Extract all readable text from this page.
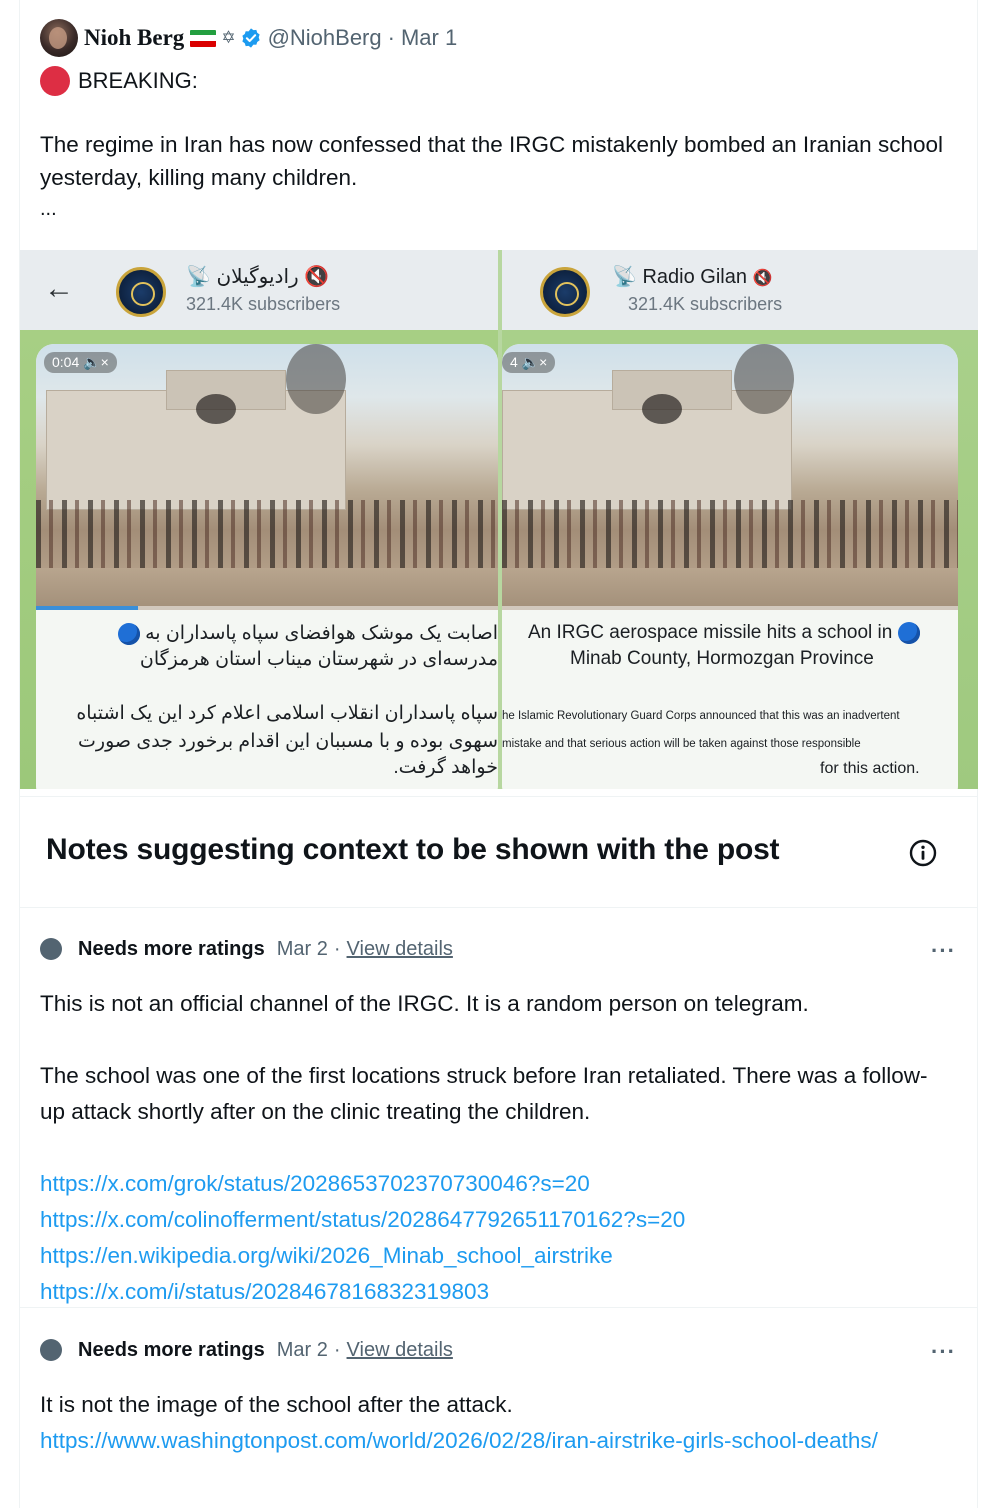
Nioh Berg ✡ @NiohBerg · Mar 1
BREAKING:
The regime in Iran has now confessed that the IRGC mistakenly bombed an Iranian school yesterday, killing many children.
...
←	📡 راديوگيلان 🔇
321.4K subscribers
0:04 🔈×
اصابت یک موشک هوافضای سپاه پاسداران به
مدرسه‌ای در شهرستان میناب استان هرمزگان
سپاه پاسداران انقلاب اسلامی اعلام کرد این یک اشتباه
سهوی بوده و با مسببان این اقدام برخورد جدی صورت
خواهد گرفت.
📡 Radio Gilan 🔇
321.4K subscribers
4 🔈×
An IRGC aerospace missile hits a school in
Minab County, Hormozgan Province
he Islamic Revolutionary Guard Corps announced that this was an inadvertent
mistake and that serious action will be taken against those responsible
for this action.
Notes suggesting context to be shown with the post
Needs more ratings Mar 2 · View details	···

This is not an official channel of the IRGC. It is a random person on telegram.

The school was one of the first locations struck before Iran retaliated. There was a follow-up attack shortly after on the clinic treating the children.

https://x.com/grok/status/2028653702370730046?s=20
https://x.com/colinofferment/status/2028647792651170162?s=20
https://en.wikipedia.org/wiki/2026_Minab_school_airstrike
https://x.com/i/status/2028467816832319803
Needs more ratings Mar 2 · View details	···

It is not the image of the school after the attack.

https://www.washingtonpost.com/world/2026/02/28/iran-airstrike-girls-school-deaths/
